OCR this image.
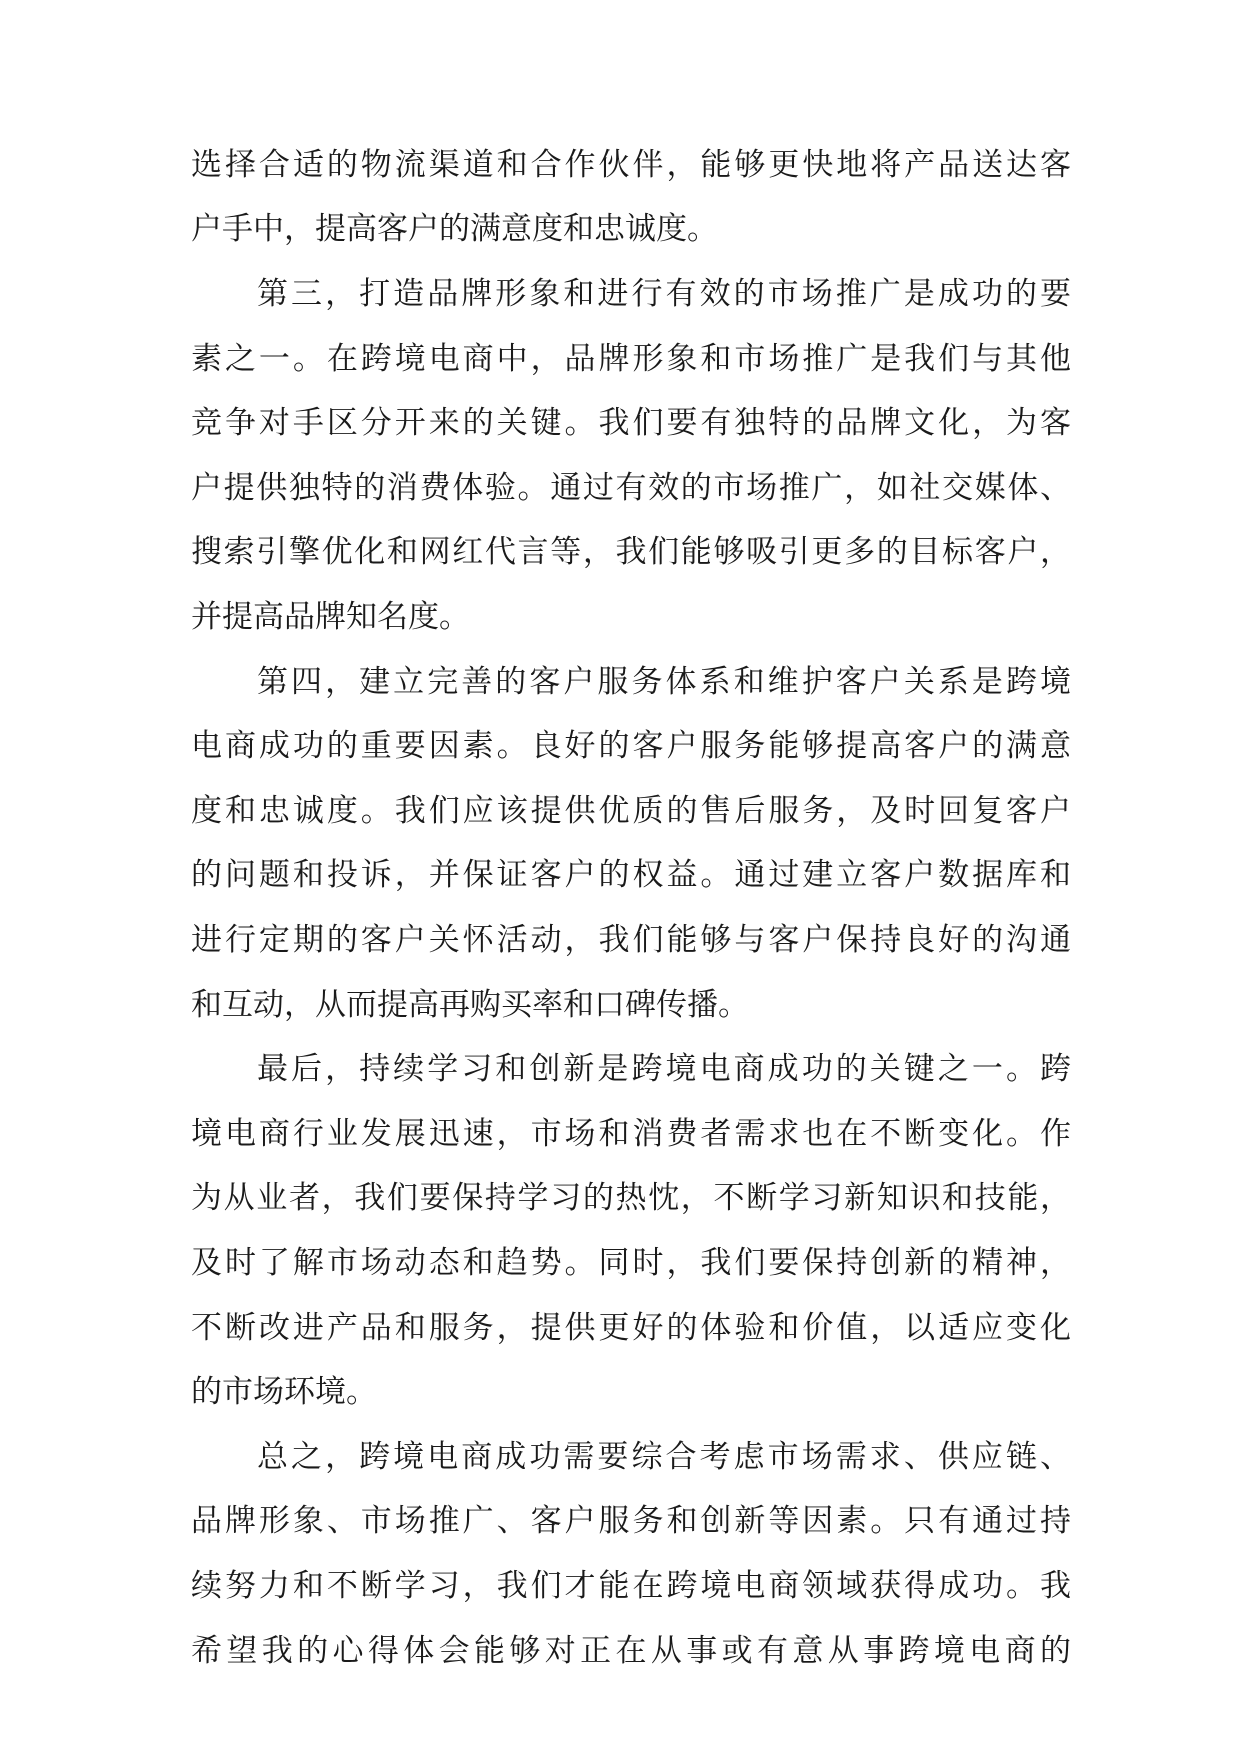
选择合适的物流渠道和合作伙伴，能够更快地将产品送达客
户手中，提高客户的满意度和忠诚度。
第三，打造品牌形象和进行有效的市场推广是成功的要
素之一。在跨境电商中，品牌形象和市场推广是我们与其他
竞争对手区分开来的关键。我们要有独特的品牌文化，为客
户提供独特的消费体验。通过有效的市场推广，如社交媒体、
搜索引擎优化和网红代言等，我们能够吸引更多的目标客户，
并提高品牌知名度。
第四，建立完善的客户服务体系和维护客户关系是跨境
电商成功的重要因素。良好的客户服务能够提高客户的满意
度和忠诚度。我们应该提供优质的售后服务，及时回复客户
的问题和投诉，并保证客户的权益。通过建立客户数据库和
进行定期的客户关怀活动，我们能够与客户保持良好的沟通
和互动，从而提高再购买率和口碑传播。
最后，持续学习和创新是跨境电商成功的关键之一。跨
境电商行业发展迅速，市场和消费者需求也在不断变化。作
为从业者，我们要保持学习的热忱，不断学习新知识和技能，
及时了解市场动态和趋势。同时，我们要保持创新的精神，
不断改进产品和服务，提供更好的体验和价值，以适应变化
的市场环境。
总之，跨境电商成功需要综合考虑市场需求、供应链、
品牌形象、市场推广、客户服务和创新等因素。只有通过持
续努力和不断学习，我们才能在跨境电商领域获得成功。我
希望我的心得体会能够对正在从事或有意从事跨境电商的
